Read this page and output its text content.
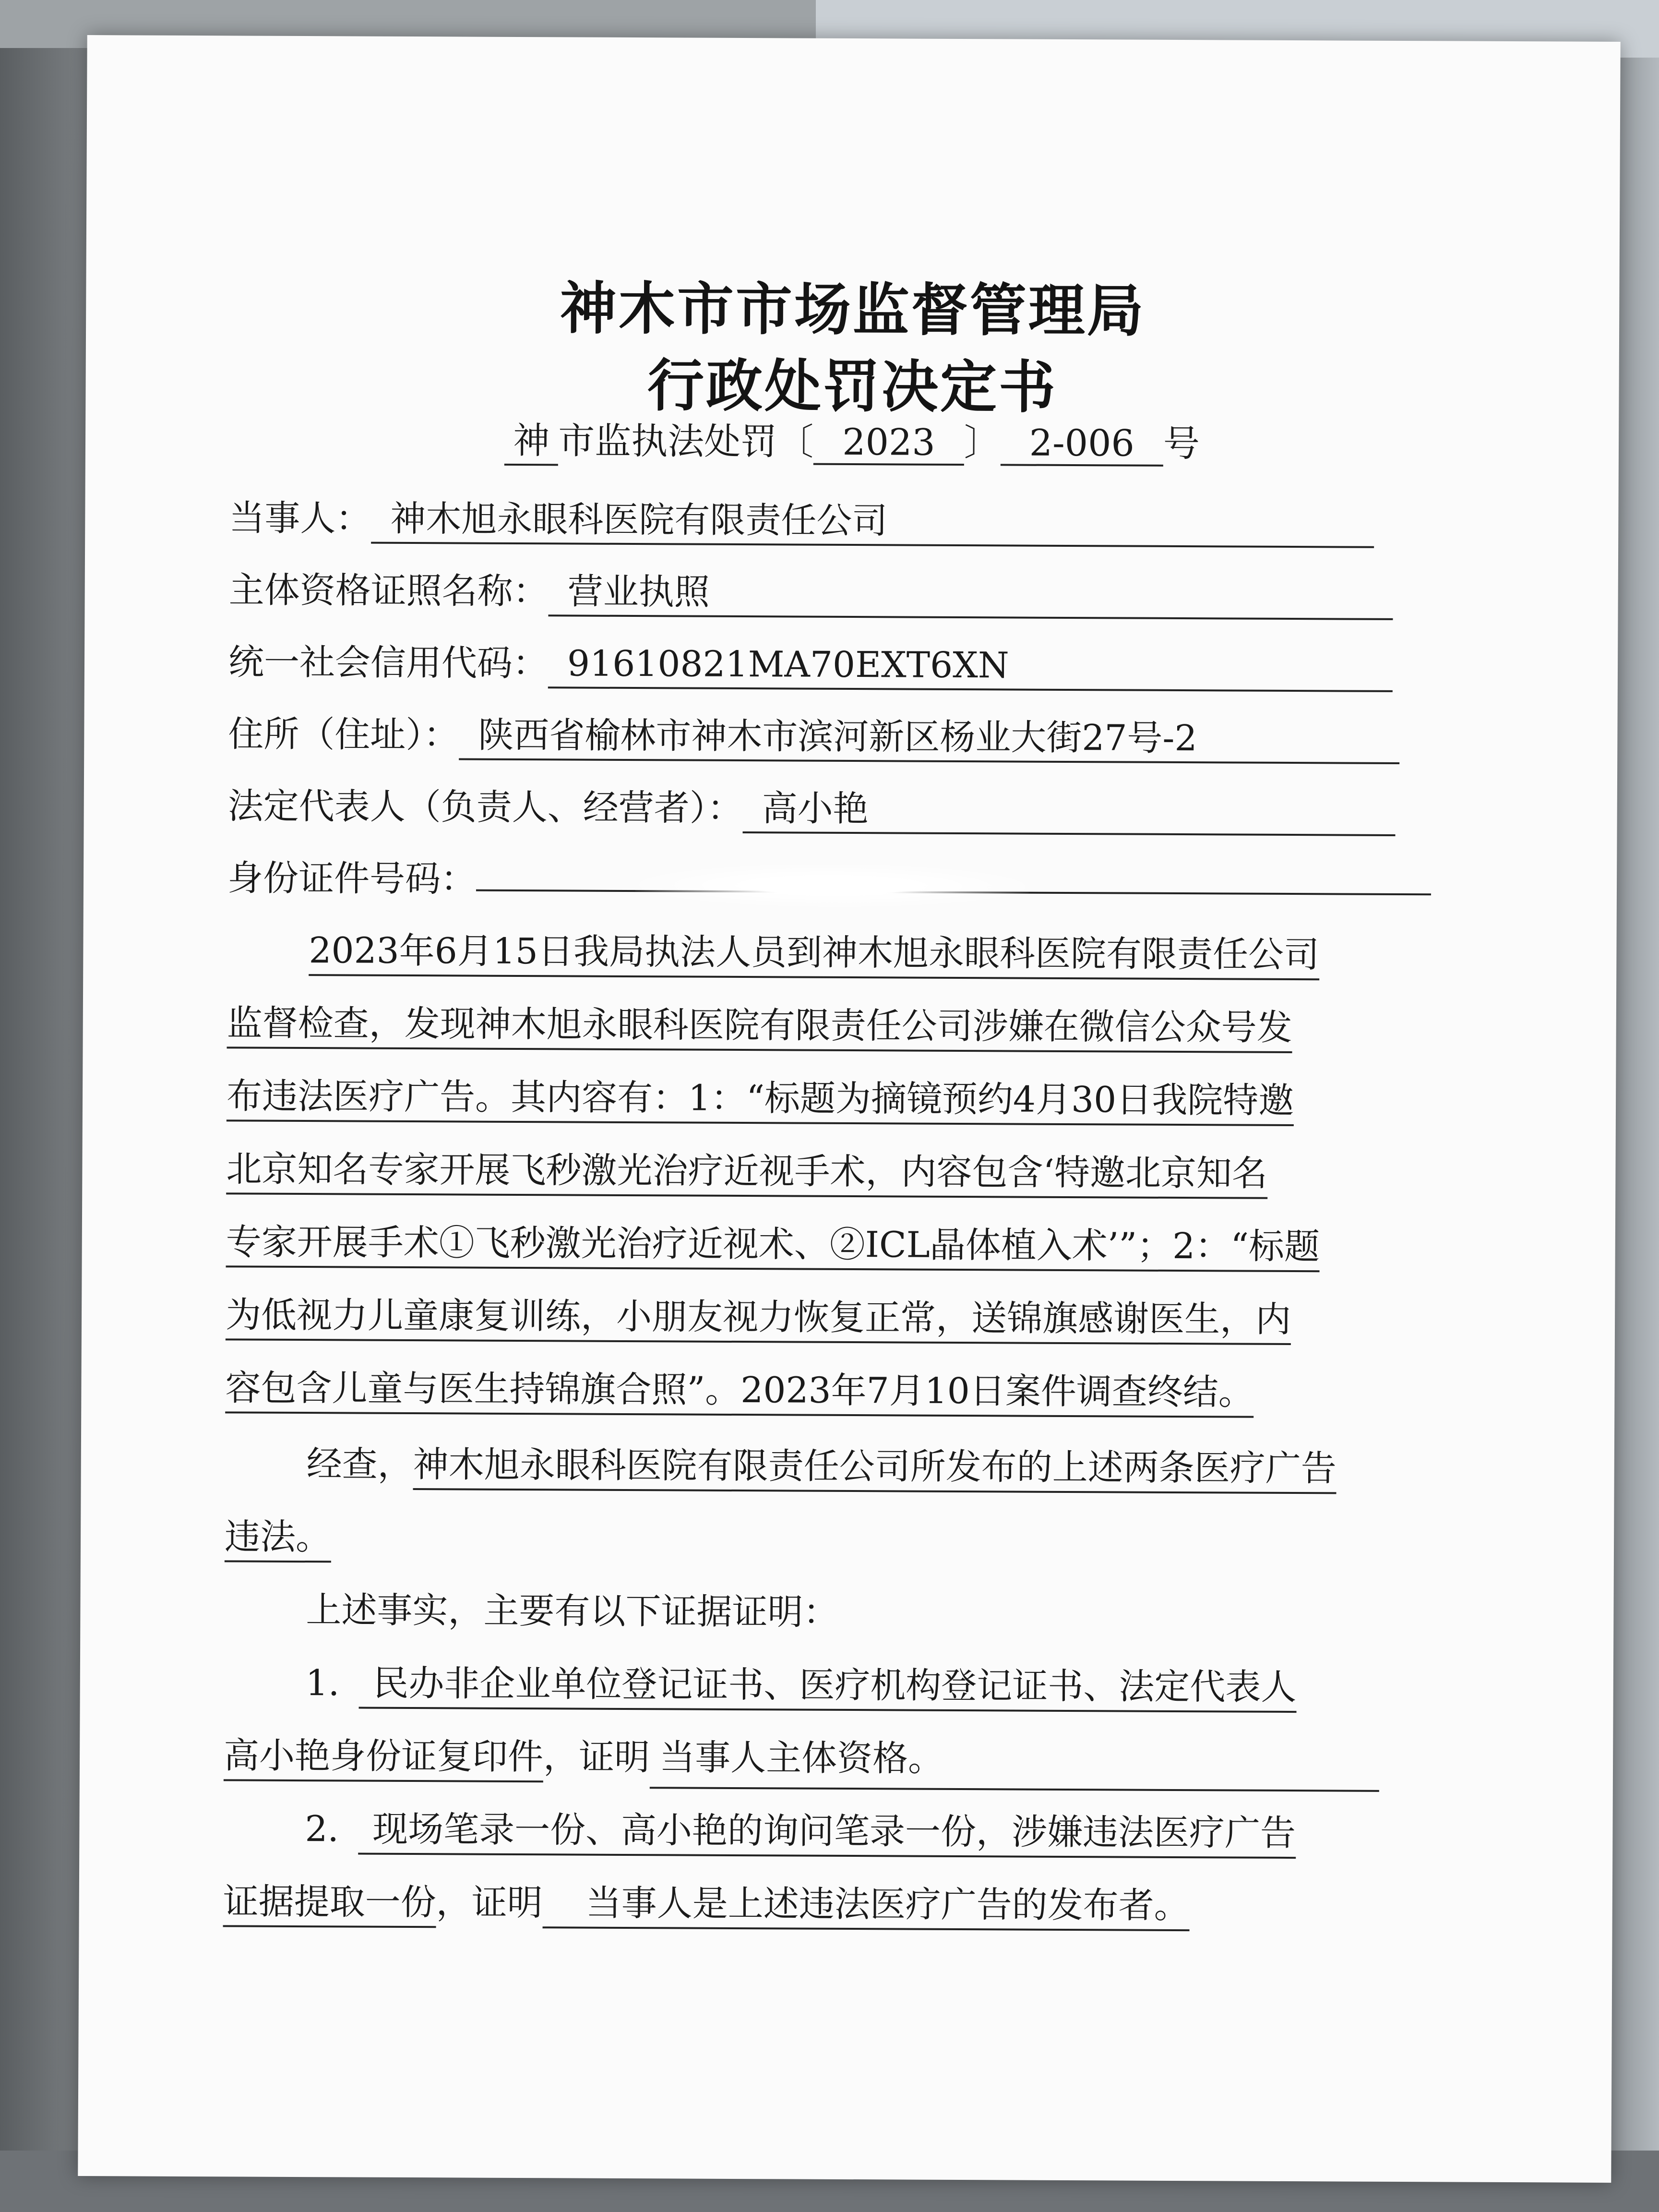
神木市市场监督管理局
行政处罚决定书
神 市监执法处罚〔 2023 〕 2-006 号
当事人： 神木旭永眼科医院有限责任公司
主体资格证照名称： 营业执照
统一社会信用代码： 91610821MA70EXT6XN
住所（住址）： 陕西省榆林市神木市滨河新区杨业大街27号-2
法定代表人（负责人、经营者）： 高小艳
身份证件号码：
2023年6月15日我局执法人员到神木旭永眼科医院有限责任公司
监督检查，发现神木旭永眼科医院有限责任公司涉嫌在微信公众号发
布违法医疗广告。其内容有：1：“标题为摘镜预约4月30日我院特邀
北京知名专家开展飞秒激光治疗近视手术，内容包含‘特邀北京知名
专家开展手术①飞秒激光治疗近视术、②ICL晶体植入术’”；2：“标题
为低视力儿童康复训练，小朋友视力恢复正常，送锦旗感谢医生，内
容包含儿童与医生持锦旗合照”。2023年7月10日案件调查终结。
经查，神木旭永眼科医院有限责任公司所发布的上述两条医疗广告
违法。
上述事实，主要有以下证据证明：
1. 民办非企业单位登记证书、医疗机构登记证书、法定代表人
高小艳身份证复印件，证明 当事人主体资格。
2. 现场笔录一份、高小艳的询问笔录一份，涉嫌违法医疗广告
证据提取一份，证明 当事人是上述违法医疗广告的发布者。
